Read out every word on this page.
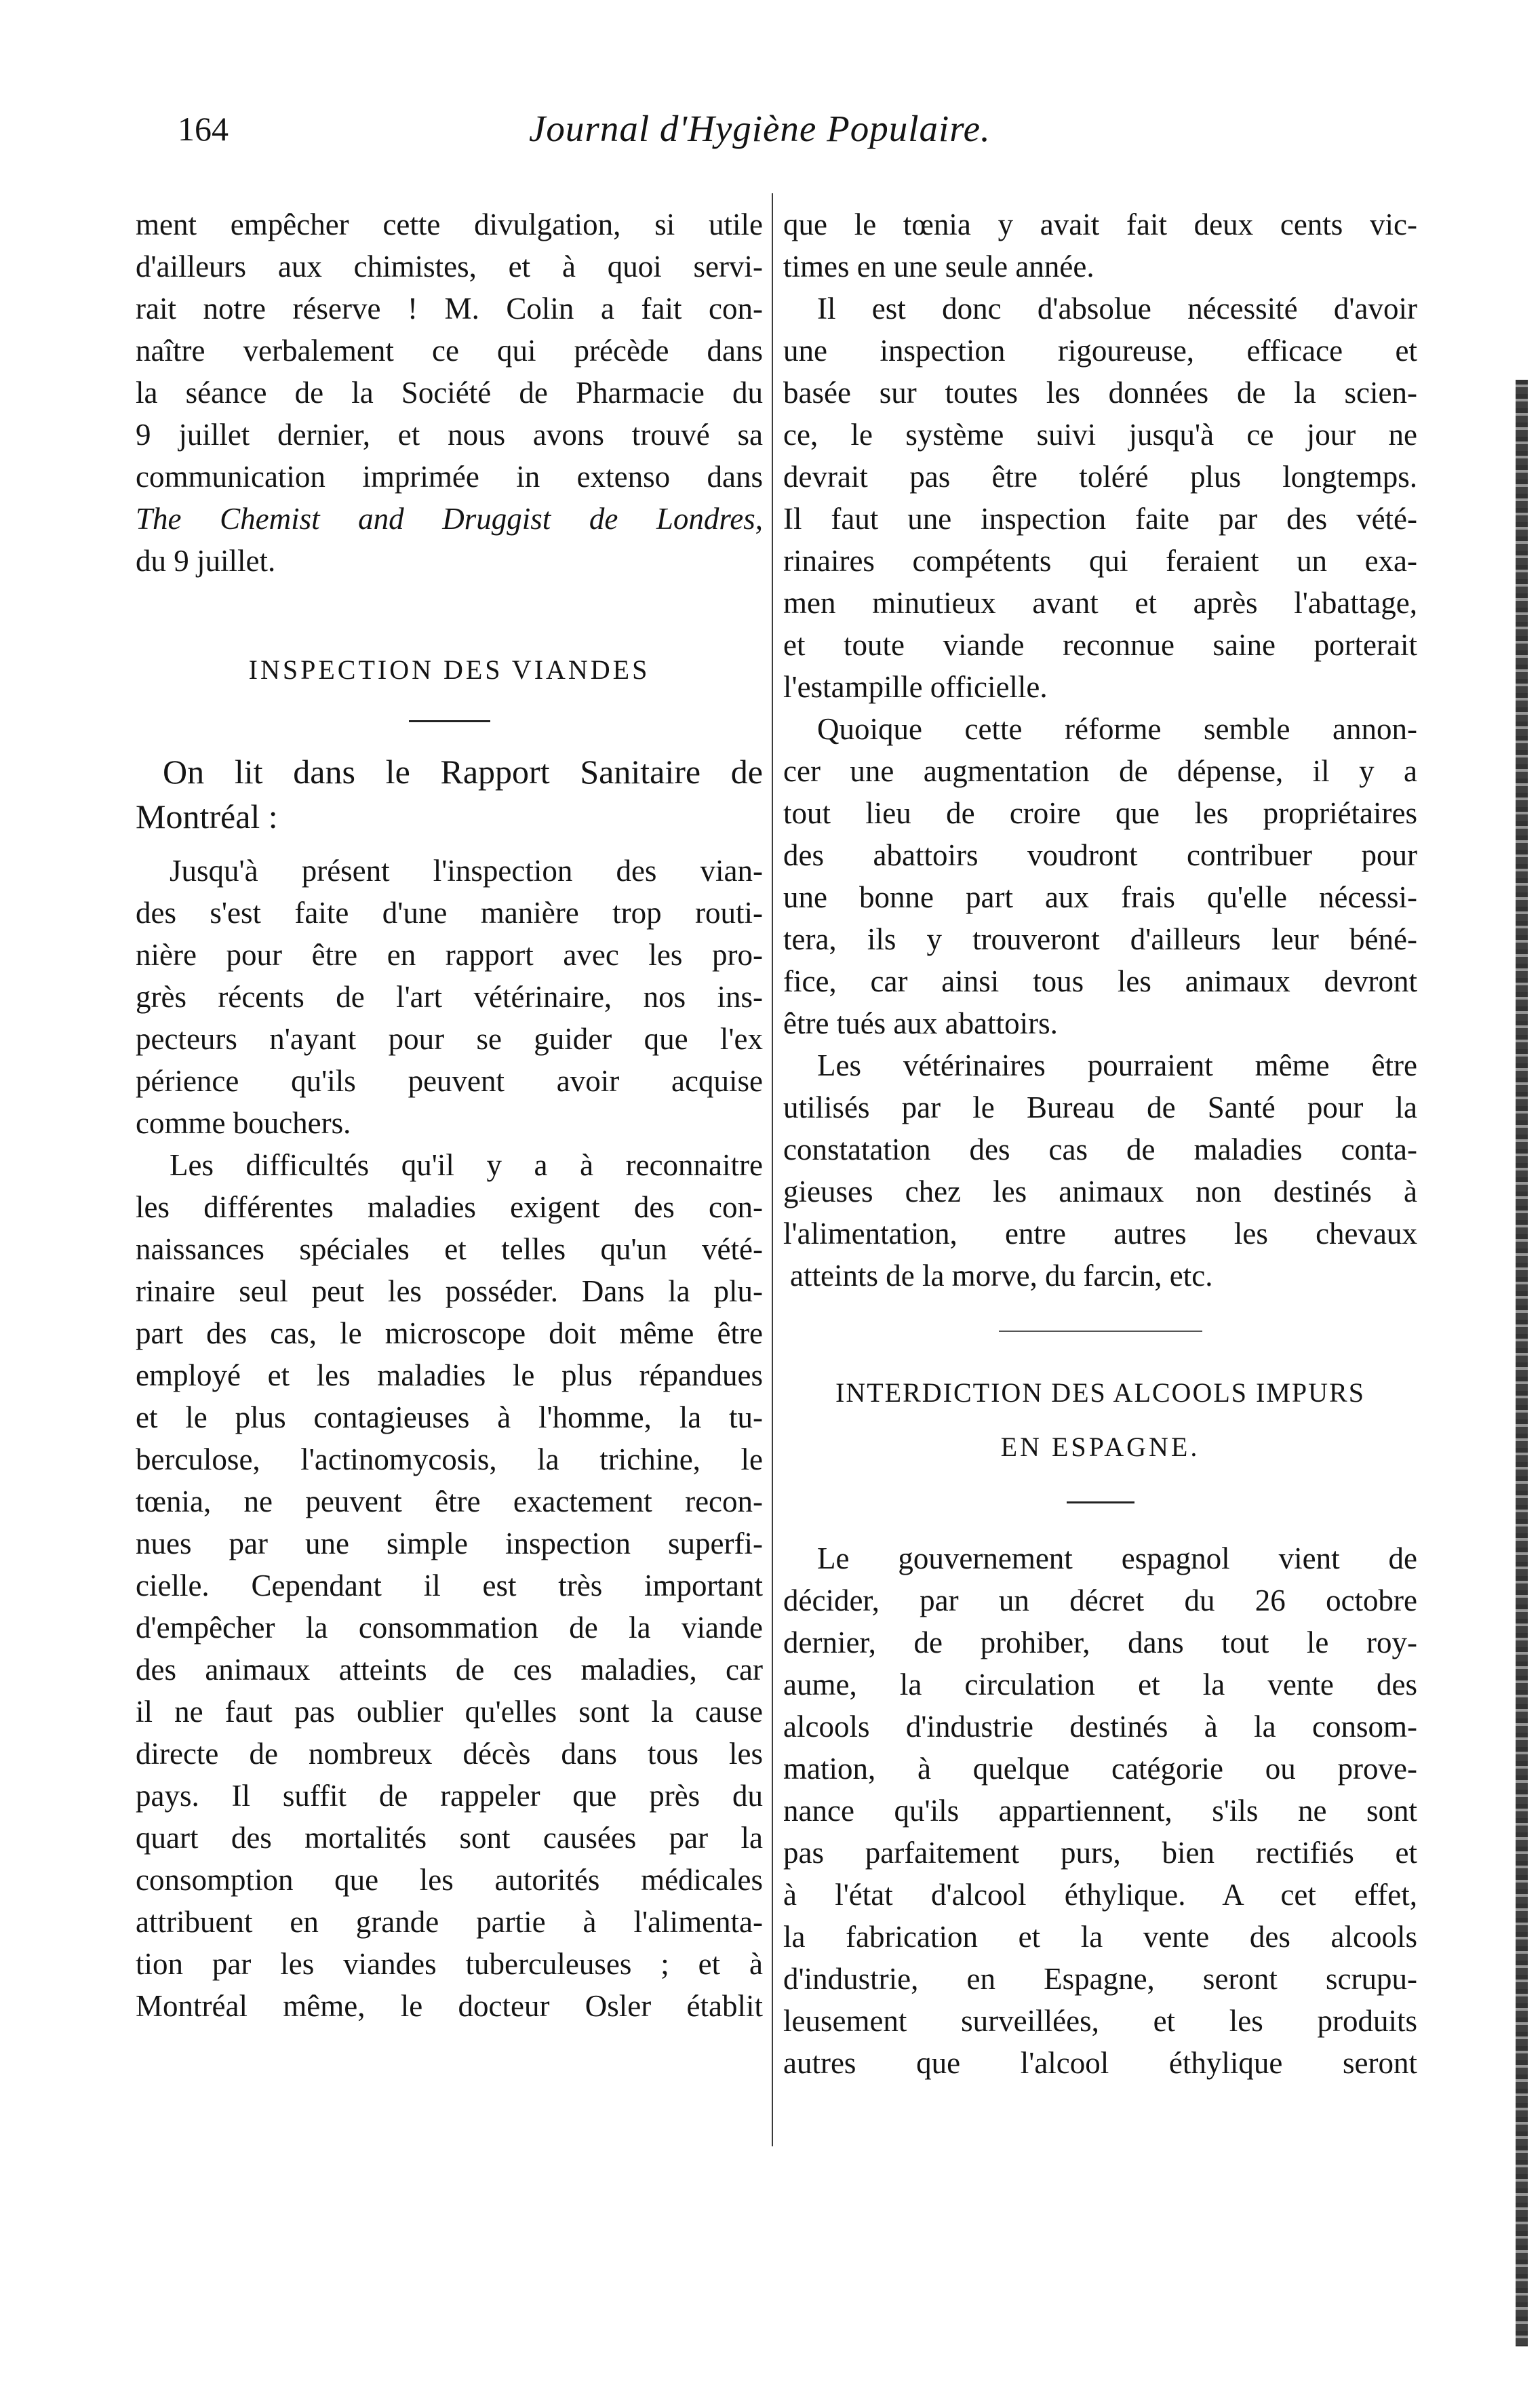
164	Journal d'Hygiène Populaire.
ment empêcher cette divulgation, si utile
d'ailleurs aux chimistes, et à quoi servi-
rait notre réserve ! M. Colin a fait con-
naître verbalement ce qui précède dans
la séance de la Société de Pharmacie du
9 juillet dernier, et nous avons trouvé sa
communication imprimée in extenso dans
The Chemist and Druggist de Londres,
du 9 juillet.
INSPECTION DES VIANDES
On lit dans le Rapport Sanitaire de
Montréal :
Jusqu'à présent l'inspection des vian-
des s'est faite d'une manière trop routi-
nière pour être en rapport avec les pro-
grès récents de l'art vétérinaire, nos ins-
pecteurs n'ayant pour se guider que l'ex
périence qu'ils peuvent avoir acquise
comme bouchers.
Les difficultés qu'il y a à reconnaitre
les différentes maladies exigent des con-
naissances spéciales et telles qu'un vété-
rinaire seul peut les posséder. Dans la plu-
part des cas, le microscope doit même être
employé et les maladies le plus répandues
et le plus contagieuses à l'homme, la tu-
berculose, l'actinomycosis, la trichine, le
tœnia, ne peuvent être exactement recon-
nues par une simple inspection superfi-
cielle. Cependant il est très important
d'empêcher la consommation de la viande
des animaux atteints de ces maladies, car
il ne faut pas oublier qu'elles sont la cause
directe de nombreux décès dans tous les
pays. Il suffit de rappeler que près du
quart des mortalités sont causées par la
consomption que les autorités médicales
attribuent en grande partie à l'alimenta-
tion par les viandes tuberculeuses ; et à
Montréal même, le docteur Osler établit
que le tœnia y avait fait deux cents vic-
times en une seule année.
Il est donc d'absolue nécessité d'avoir
une inspection rigoureuse, efficace et
basée sur toutes les données de la scien-
ce, le système suivi jusqu'à ce jour ne
devrait pas être toléré plus longtemps.
Il faut une inspection faite par des vété-
rinaires compétents qui feraient un exa-
men minutieux avant et après l'abattage,
et toute viande reconnue saine porterait
l'estampille officielle.
Quoique cette réforme semble annon-
cer une augmentation de dépense, il y a
tout lieu de croire que les propriétaires
des abattoirs voudront contribuer pour
une bonne part aux frais qu'elle nécessi-
tera, ils y trouveront d'ailleurs leur béné-
fice, car ainsi tous les animaux devront
être tués aux abattoirs.
Les vétérinaires pourraient même être
utilisés par le Bureau de Santé pour la
constatation des cas de maladies conta-
gieuses chez les animaux non destinés à
l'alimentation, entre autres les chevaux
atteints de la morve, du farcin, etc.
INTERDICTION DES ALCOOLS IMPURS
EN ESPAGNE.
Le gouvernement espagnol vient de
décider, par un décret du 26 octobre
dernier, de prohiber, dans tout le roy-
aume, la circulation et la vente des
alcools d'industrie destinés à la consom-
mation, à quelque catégorie ou prove-
nance qu'ils appartiennent, s'ils ne sont
pas parfaitement purs, bien rectifiés et
à l'état d'alcool éthylique. A cet effet,
la fabrication et la vente des alcools
d'industrie, en Espagne, seront scrupu-
leusement surveillées, et les produits
autres que l'alcool éthylique seront
